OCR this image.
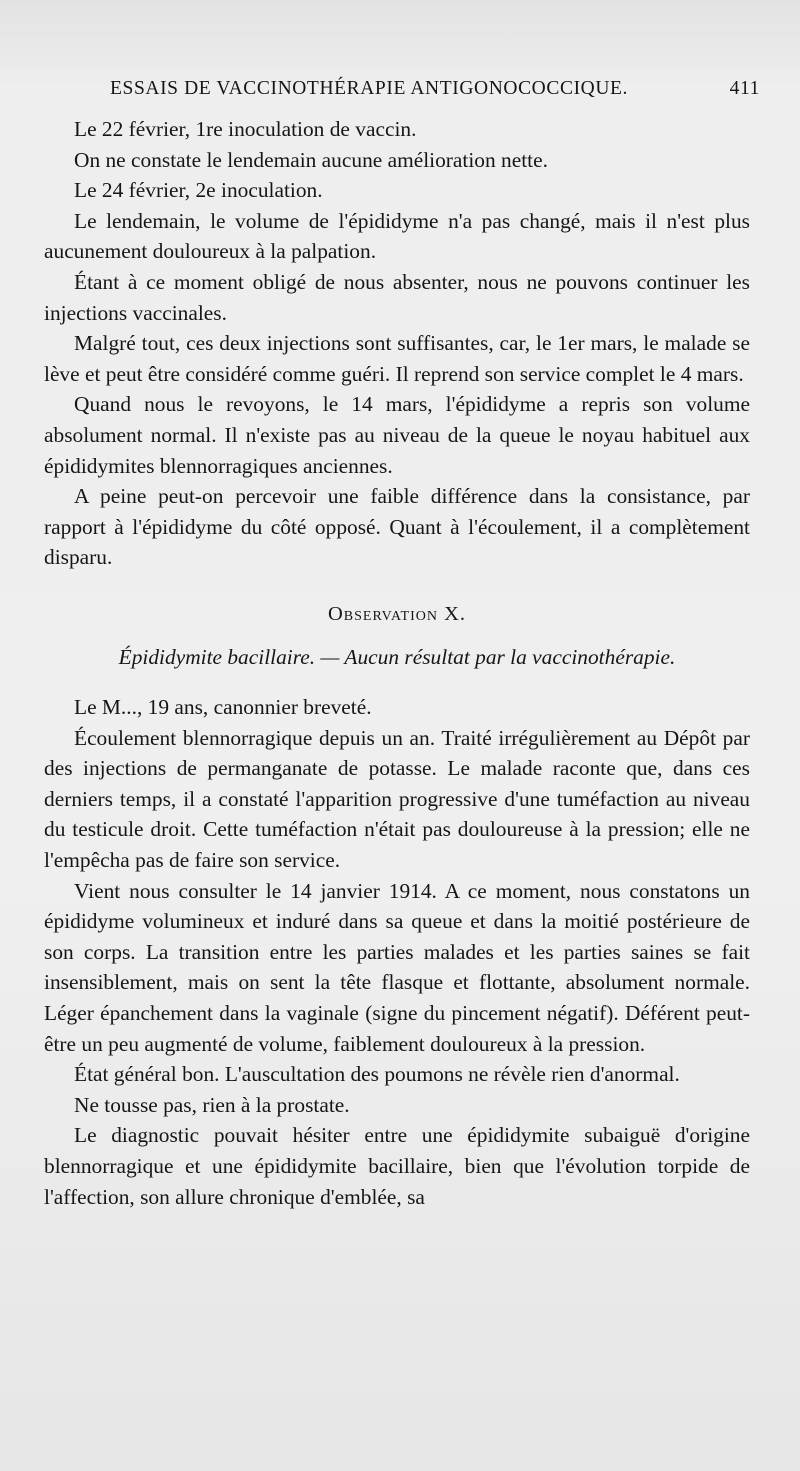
ESSAIS DE VACCINOTHÉRAPIE ANTIGONOCOCCIQUE.	411

Le 22 février, 1re inoculation de vaccin.

On ne constate le lendemain aucune amélioration nette.

Le 24 février, 2e inoculation.

Le lendemain, le volume de l'épididyme n'a pas changé, mais il n'est plus aucunement douloureux à la palpation.

Étant à ce moment obligé de nous absenter, nous ne pouvons continuer les injections vaccinales.

Malgré tout, ces deux injections sont suffisantes, car, le 1er mars, le malade se lève et peut être considéré comme guéri. Il reprend son service complet le 4 mars.

Quand nous le revoyons, le 14 mars, l'épididyme a repris son volume absolument normal. Il n'existe pas au niveau de la queue le noyau habituel aux épididymites blennorragiques anciennes.

A peine peut-on percevoir une faible différence dans la consistance, par rapport à l'épididyme du côté opposé. Quant à l'écoulement, il a complètement disparu.

Observation X.

Épididymite bacillaire. — Aucun résultat par la vaccinothérapie.

Le M..., 19 ans, canonnier breveté.

Écoulement blennorragique depuis un an. Traité irrégulièrement au Dépôt par des injections de permanganate de potasse. Le malade raconte que, dans ces derniers temps, il a constaté l'apparition progressive d'une tuméfaction au niveau du testicule droit. Cette tuméfaction n'était pas douloureuse à la pression; elle ne l'empêcha pas de faire son service.

Vient nous consulter le 14 janvier 1914. A ce moment, nous constatons un épididyme volumineux et induré dans sa queue et dans la moitié postérieure de son corps. La transition entre les parties malades et les parties saines se fait insensiblement, mais on sent la tête flasque et flottante, absolument normale. Léger épanchement dans la vaginale (signe du pincement négatif). Déférent peut-être un peu augmenté de volume, faiblement douloureux à la pression.

État général bon. L'auscultation des poumons ne révèle rien d'anormal.

Ne tousse pas, rien à la prostate.

Le diagnostic pouvait hésiter entre une épididymite subaiguë d'origine blennorragique et une épididymite bacillaire, bien que l'évolution torpide de l'affection, son allure chronique d'emblée, sa
